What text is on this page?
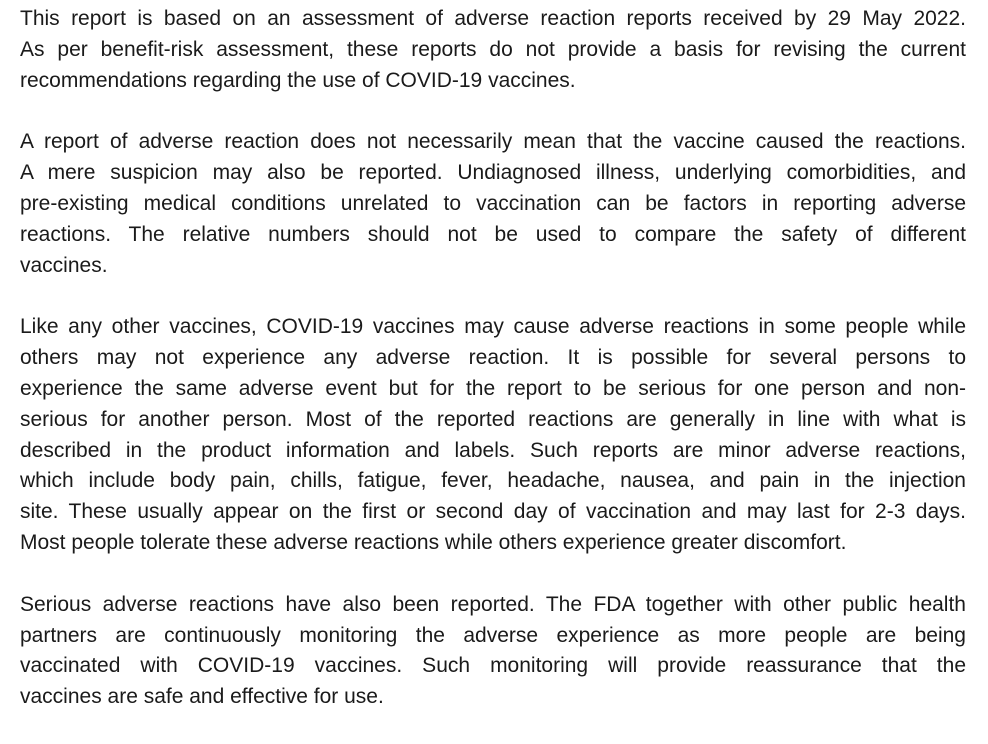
This report is based on an assessment of adverse reaction reports received by 29 May 2022.
As per benefit-risk assessment, these reports do not provide a basis for revising the current
recommendations regarding the use of COVID-19 vaccines.
A report of adverse reaction does not necessarily mean that the vaccine caused the reactions.
A mere suspicion may also be reported. Undiagnosed illness, underlying comorbidities, and
pre-existing medical conditions unrelated to vaccination can be factors in reporting adverse
reactions. The relative numbers should not be used to compare the safety of different
vaccines.
Like any other vaccines, COVID-19 vaccines may cause adverse reactions in some people while
others may not experience any adverse reaction. It is possible for several persons to
experience the same adverse event but for the report to be serious for one person and non-
serious for another person. Most of the reported reactions are generally in line with what is
described in the product information and labels. Such reports are minor adverse reactions,
which include body pain, chills, fatigue, fever, headache, nausea, and pain in the injection
site. These usually appear on the first or second day of vaccination and may last for 2-3 days.
Most people tolerate these adverse reactions while others experience greater discomfort.
Serious adverse reactions have also been reported. The FDA together with other public health
partners are continuously monitoring the adverse experience as more people are being
vaccinated with COVID-19 vaccines. Such monitoring will provide reassurance that the
vaccines are safe and effective for use.
